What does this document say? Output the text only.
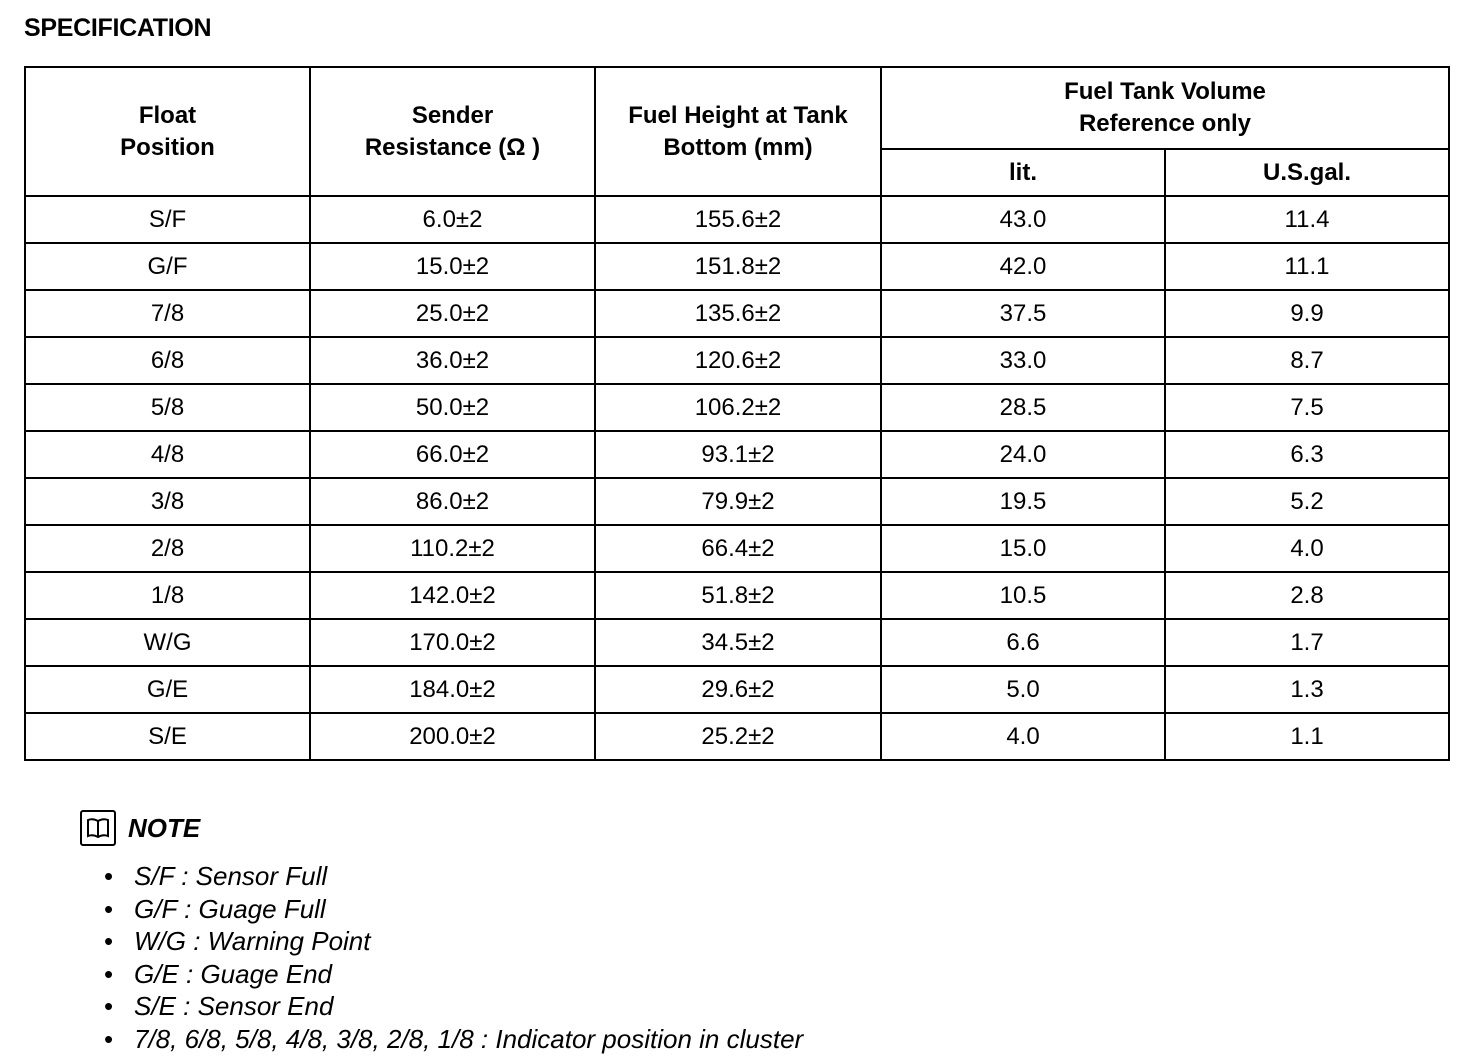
SPECIFICATION
Float Position	Sender Resistance (Ω )	Fuel Height at Tank Bottom (mm)	Fuel Tank Volume Reference only	

			lit.	U.S.gal.
S/F	6.0±2	155.6±2	43.0	11.4
G/F	15.0±2	151.8±2	42.0	11.1
7/8	25.0±2	135.6±2	37.5	9.9
6/8	36.0±2	120.6±2	33.0	8.7
5/8	50.0±2	106.2±2	28.5	7.5
4/8	66.0±2	93.1±2	24.0	6.3
3/8	86.0±2	79.9±2	19.5	5.2
2/8	110.2±2	66.4±2	15.0	4.0
1/8	142.0±2	51.8±2	10.5	2.8
W/G	170.0±2	34.5±2	6.6	1.7
G/E	184.0±2	29.6±2	5.0	1.3
S/E	200.0±2	25.2±2	4.0	1.1
NOTE
• S/F : Sensor Full
• G/F : Guage Full
• W/G : Warning Point
• G/E : Guage End
• S/E : Sensor End
• 7/8, 6/8, 5/8, 4/8, 3/8, 2/8, 1/8 : Indicator position in cluster
